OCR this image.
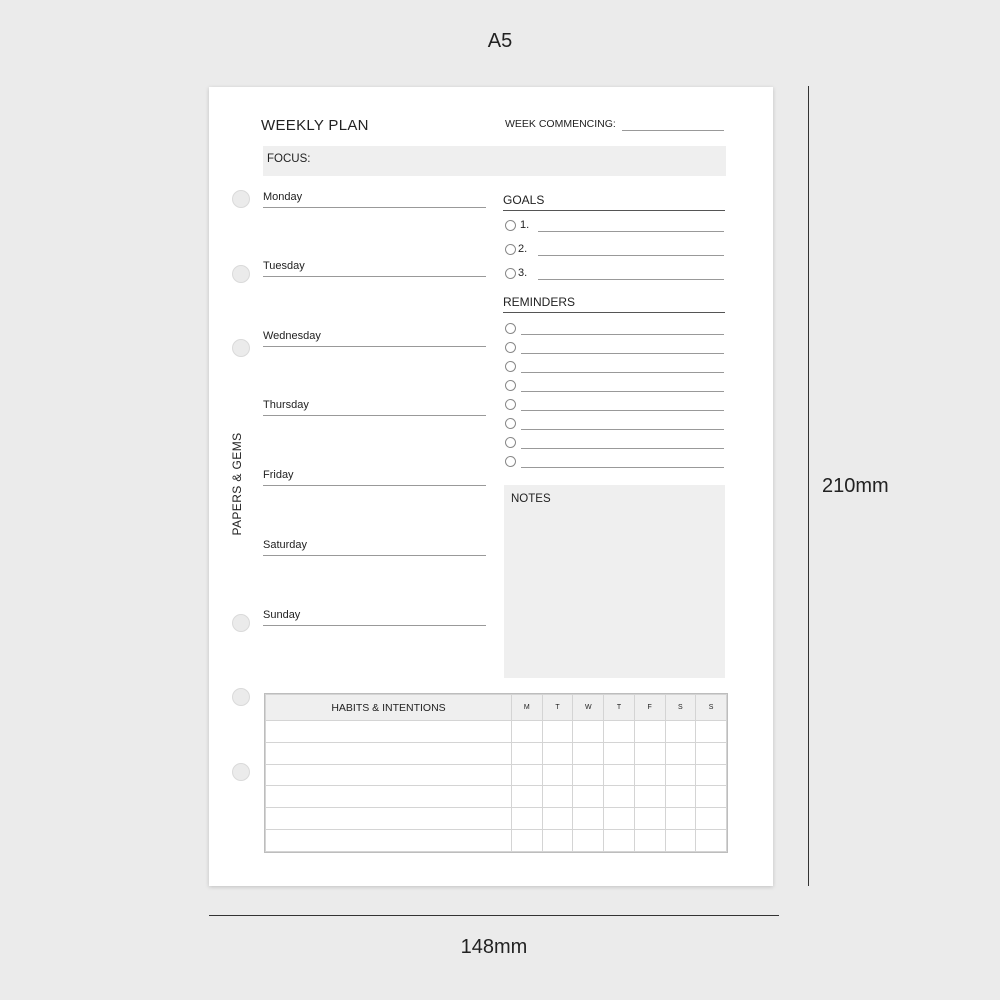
A5
210mm
148mm
PAPERS & GEMS
WEEKLY PLAN	WEEK COMMENCING:
FOCUS:
Monday
Tuesday
Wednesday
Thursday
Friday
Saturday
Sunday
GOALS
1.
2.
3.
REMINDERS
NOTES
HABITS & INTENTIONS	M	T	W	T	F	S	S
